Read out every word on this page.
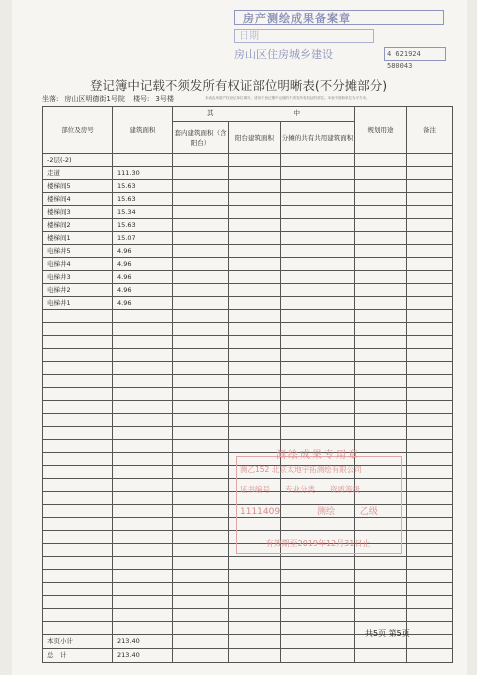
房产测绘成果备案章
日期
房山区住房城乡建设	4 621924 580043
登记簿中记载不须发所有权证部位明晰表(不分摊部分)
坐落: 房山区明德街1号院 楼号: 3号楼	本表由房屋产权登记单位填写，适用于登记簿中记载的不须发所有权证的部位。本表中面积单位为平方米。
部位及房号	建筑面积	其 中			规划用途	备注

		套内建筑面积（含阳台）	阳台建筑面积	分摊的共有共用建筑面积		
-2层(-2)						
走道	111.30					
楼梯间5	15.63					
楼梯间4	15.63					
楼梯间3	15.34					
楼梯间2	15.63					
楼梯间1	15.07					
电梯井5	4.96					
电梯井4	4.96					
电梯井3	4.96					
电梯井2	4.96					
电梯井1	4.96					

本页小计	213.40					
总　计	213.40					
测绘成果专用章
测乙152 北京太地宇拓测绘有限公司
证书编号　　专业分类　　资质等级
1111409	测绘	乙级
有效期至2019年12月31日止
共5页 第5页
